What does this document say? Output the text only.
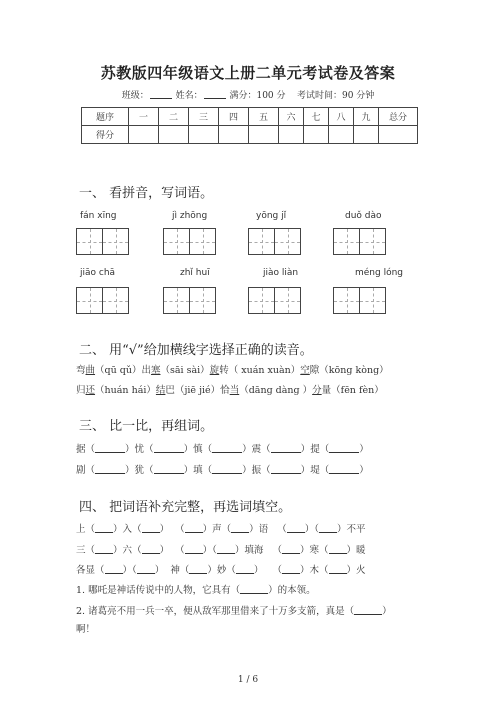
苏教版四年级语文上册二单元考试卷及答案
班级：	姓名：	满分：100 分 考试时间：90 分钟
题序	一	二	三	四	五	六	七	八	九	总分
得分										
一、 看拼音，写词语。
fán xīng	jì zhōng	yōng jǐ	duǒ dào
jiāo chā	zhǐ huī	jiào liàn	méng lóng
二、 用“√”给加横线字选择正确的读音。
弯曲（qū qǔ）出塞（sāi sài）旋转（ xuán xuàn）空隙（kōng kòng）
归还（huán hái）结巴（jiē jié）恰当（dāng dàng ）分量（fēn fèn）
三、 比一比，再组词。
据（	）忧（	）慎（	）震（	）提（	）
剧（	）犹（	）填（	）振（	）堤（	）
四、 把词语补充完整，再选词填空。
上（ ）入（ ）  （ ）声（ ）语   （ ）（ ）不平
三（ ）六（ ）  （ ）（ ）填海   （ ）寒（ ）暖
各显（ ）（ ）  神（ ）妙（ ）   （ ）木（ ）火
1. 哪吒是神话传说中的人物，它具有（	）的本领。
2. 诸葛亮不用一兵一卒，便从敌军那里借来了十万多支箭，真是（	）
啊！
1 / 6
